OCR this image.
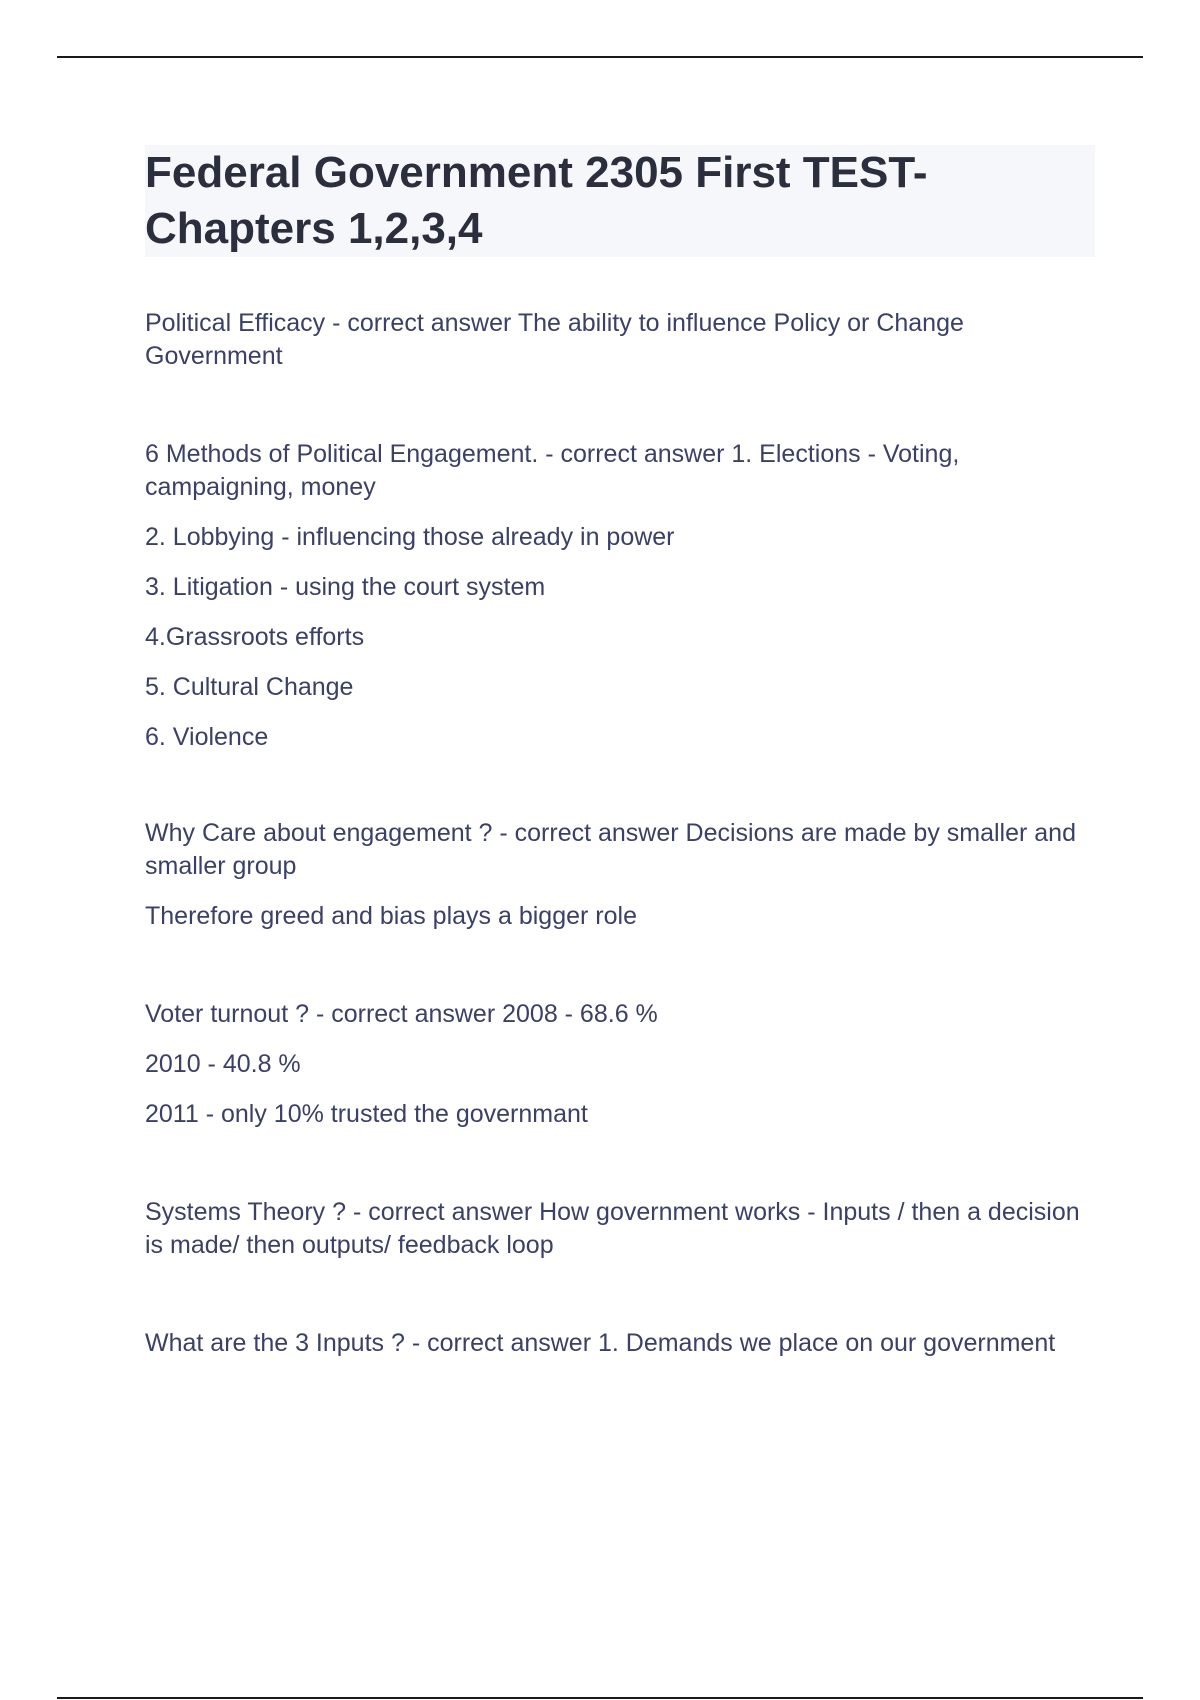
Federal Government 2305 First TEST-
Chapters 1,2,3,4

Political Efficacy - correct answer The ability to influence Policy or Change Government

6 Methods of Political Engagement. - correct answer 1. Elections - Voting, campaigning, money

2. Lobbying - influencing those already in power

3. Litigation - using the court system

4.Grassroots efforts

5. Cultural Change

6. Violence

Why Care about engagement ? - correct answer Decisions are made by smaller and smaller group

Therefore greed and bias plays a bigger role

Voter turnout ? - correct answer 2008 - 68.6 %

2010 - 40.8 %

2011 - only 10% trusted the governmant

Systems Theory ? - correct answer How government works - Inputs / then a decision is made/ then outputs/ feedback loop

What are the 3 Inputs ? - correct answer 1. Demands we place on our government
